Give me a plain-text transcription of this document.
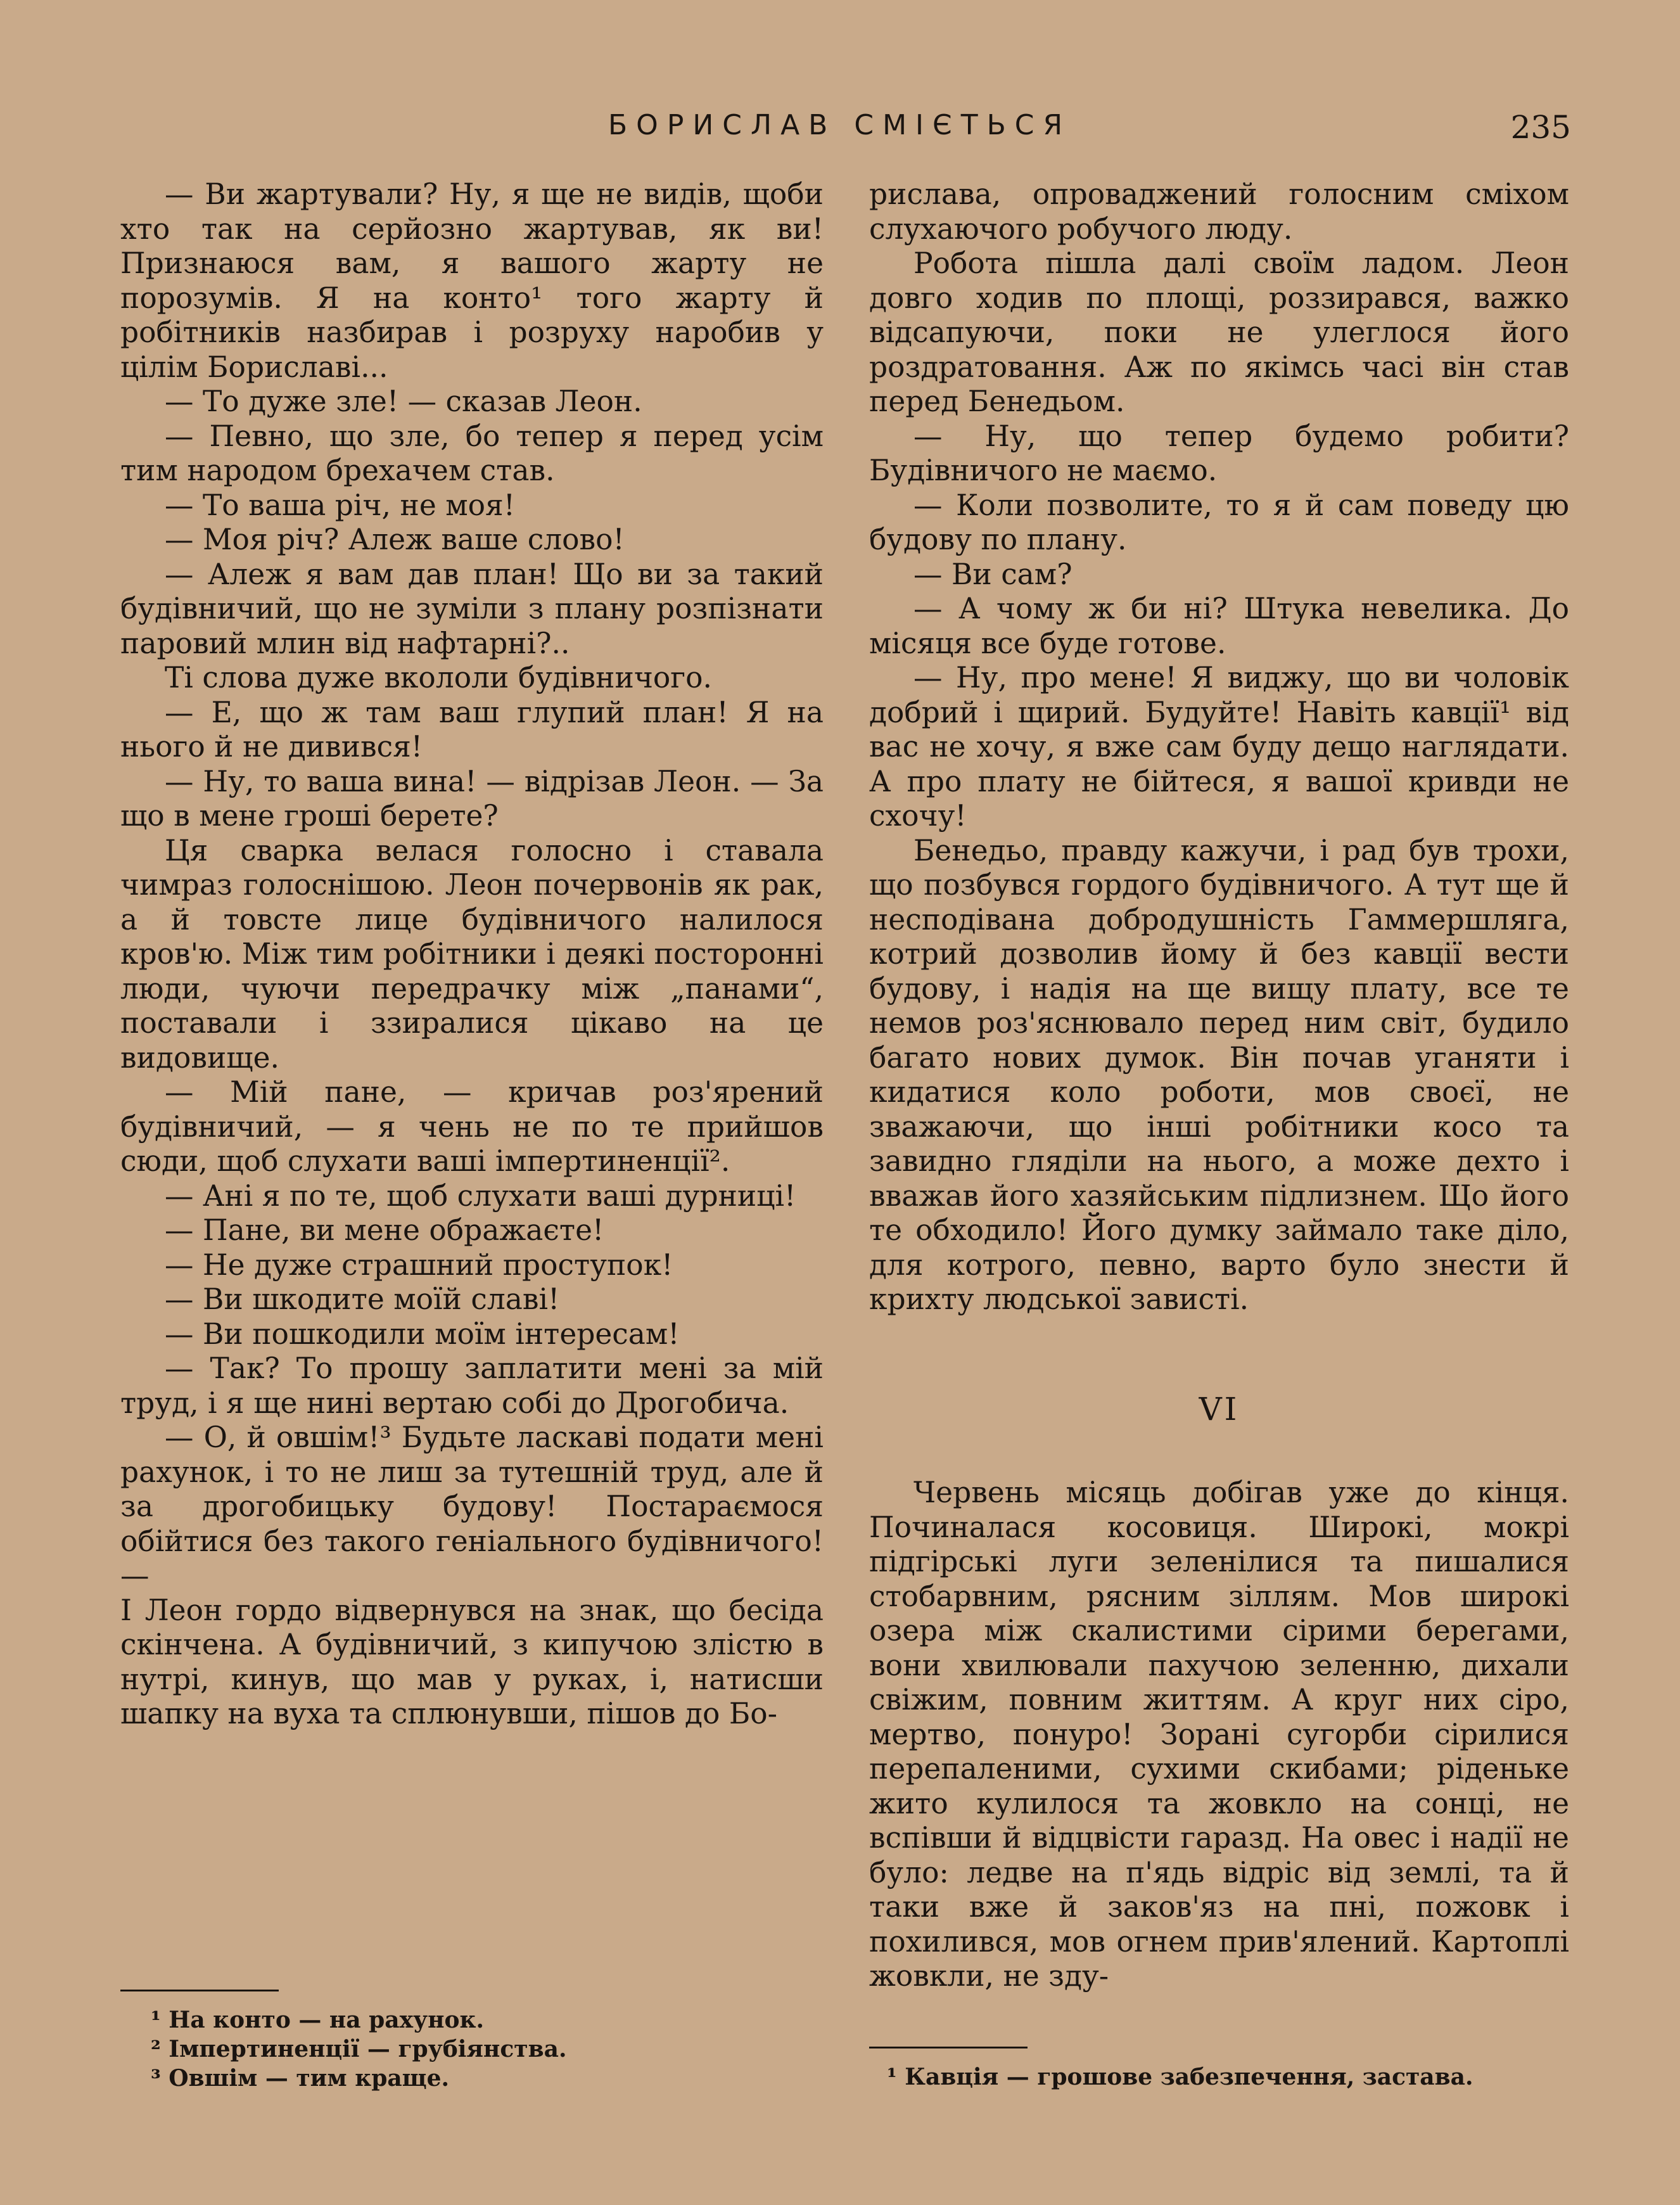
БОРИСЛАВ СМІЄТЬСЯ	235

— Ви жартували? Ну, я ще не видів, щоби хто так на серйозно жартував, як ви! Признаюся вам, я вашого жарту не порозумів. Я на конто¹ того жарту й робітників назбирав і розруху наробив у цілім Бориславі...

— То дуже зле! — сказав Леон.

— Певно, що зле, бо тепер я перед усім тим народом брехачем став.

— То ваша річ, не моя!

— Моя річ? Алеж ваше слово!

— Алеж я вам дав план! Що ви за такий будівничий, що не зуміли з плану розпізнати паровий млин від нафтарні?..

Ті слова дуже вкололи будівничого.

— Е, що ж там ваш глупий план! Я на нього й не дивився!

— Ну, то ваша вина! — відрізав Леон. — За що в мене гроші берете?

Ця сварка велася голосно і ставала чимраз голоснішою. Леон почервонів як рак, а й товсте лице будівничого налилося кров'ю. Між тим робітники і деякі посторонні люди, чуючи передрачку між „панами“, поставали і ззиралися цікаво на це видовище.

— Мій пане, — кричав роз'ярений будівничий, — я чень не по те прийшов сюди, щоб слухати ваші імпертиненції².

— Ані я по те, щоб слухати ваші дурниці!

— Пане, ви мене ображаєте!

— Не дуже страшний проступок!

— Ви шкодите моїй славі!

— Ви пошкодили моїм інтересам!

— Так? То прошу заплатити мені за мій труд, і я ще нині вертаю собі до Дрогобича.

— О, й овшім!³ Будьте ласкаві подати мені рахунок, і то не лиш за тутешній труд, але й за дрогобицьку будову! Постараємося обійтися без такого геніального будівничого! —

І Леон гордо відвернувся на знак, що бесіда скінчена. А будівничий, з кипучою злістю в нутрі, кинув, що мав у руках, і, натисши шапку на вуха та сплюнувши, пішов до Бо-

рислава, опроваджений голосним сміхом слухаючого робучого люду.

Робота пішла далі своїм ладом. Леон довго ходив по площі, роззирався, важко відсапуючи, поки не улеглося його роздратовання. Аж по якімсь часі він став перед Бенедьом.

— Ну, що тепер будемо робити? Будівничого не маємо.

— Коли позволите, то я й сам поведу цю будову по плану.

— Ви сам?

— А чому ж би ні? Штука невелика. До місяця все буде готове.

— Ну, про мене! Я виджу, що ви чоловік добрий і щирий. Будуйте! Навіть кавції¹ від вас не хочу, я вже сам буду дещо наглядати. А про плату не бійтеся, я вашої кривди не схочу!

Бенедьо, правду кажучи, і рад був трохи, що позбувся гордого будівничого. А тут ще й несподівана добродушність Гаммершляга, котрий дозволив йому й без кавції вести будову, і надія на ще вищу плату, все те немов роз'яснювало перед ним світ, будило багато нових думок. Він почав уганяти і кидатися коло роботи, мов своєї, не зважаючи, що інші робітники косо та завидно гляділи на нього, а може дехто і вважав його хазяйським підлизнем. Що його те обходило! Його думку займало таке діло, для котрого, певно, варто було знести й крихту людської зависті.

VI

Червень місяць добігав уже до кінця. Починалася косовиця. Широкі, мокрі підгірські луги зеленілися та пишалися стобарвним, рясним зіллям. Мов широкі озера між скалистими сірими берегами, вони хвилювали пахучою зеленню, дихали свіжим, повним життям. А круг них сіро, мертво, понуро! Зорані сугорби сірилися перепаленими, сухими скибами; ріденьке жито кулилося та жовкло на сонці, не вспівши й відцвісти гаразд. На овес і надії не було: ледве на п'ядь відріс від землі, та й таки вже й заков'яз на пні, пожовк і похилився, мов огнем прив'ялений. Картоплі жовкли, не зду-

¹ На конто — на рахунок.
² Імпертиненції — грубіянства.
³ Овшім — тим краще.	¹ Кавція — грошове забезпечення, застава.
